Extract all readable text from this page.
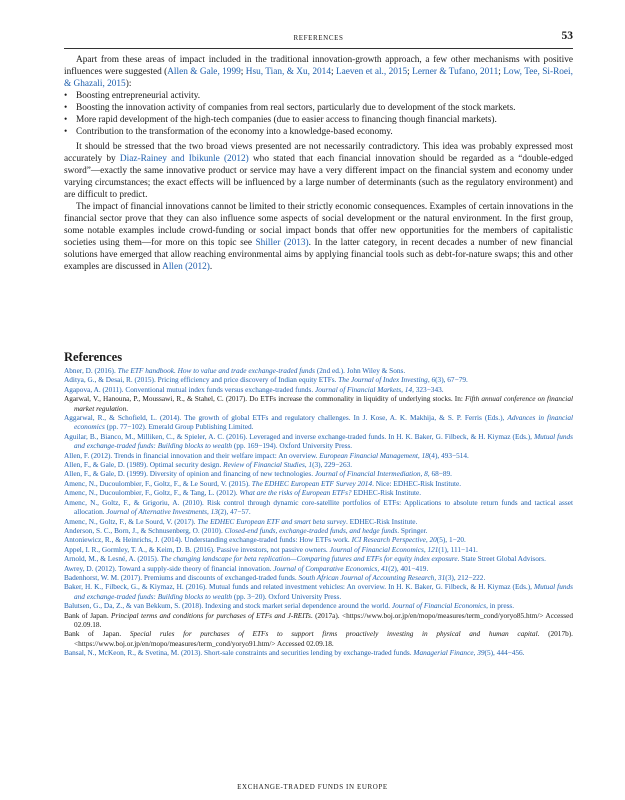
REFERENCES	53

Apart from these areas of impact included in the traditional innovation-growth approach, a few other mechanisms with positive influences were suggested (Allen & Gale, 1999; Hsu, Tian, & Xu, 2014; Laeven et al., 2015; Lerner & Tufano, 2011; Low, Tee, Si-Roei, & Ghazali, 2015):

• Boosting entrepreneurial activity.
• Boosting the innovation activity of companies from real sectors, particularly due to development of the stock markets.
• More rapid development of the high-tech companies (due to easier access to financing though financial markets).
• Contribution to the transformation of the economy into a knowledge-based economy.

It should be stressed that the two broad views presented are not necessarily contradictory. This idea was probably expressed most accurately by Diaz-Rainey and Ibikunle (2012) who stated that each financial innovation should be regarded as a “double-edged sword”—exactly the same innovative product or service may have a very different impact on the financial system and economy under varying circumstances; the exact effects will be influenced by a large number of determinants (such as the regulatory environment) and are difficult to predict.

The impact of financial innovations cannot be limited to their strictly economic consequences. Examples of certain innovations in the financial sector prove that they can also influence some aspects of social development or the natural environment. In the first group, some notable examples include crowd-funding or social impact bonds that offer new opportunities for the members of capitalistic societies using them—for more on this topic see Shiller (2013). In the latter category, in recent decades a number of new financial solutions have emerged that allow reaching environmental aims by applying financial tools such as debt-for-nature swaps; this and other examples are discussed in Allen (2012).

References
Abner, D. (2016). The ETF handbook. How to value and trade exchange-traded funds (2nd ed.). John Wiley & Sons.
Aditya, G., & Desai, R. (2015). Pricing efficiency and price discovery of Indian equity ETFs. The Journal of Index Investing, 6(3), 67−79.
Agapova, A. (2011). Conventional mutual index funds versus exchange-traded funds. Journal of Financial Markets, 14, 323−343.
Agarwal, V., Hanouna, P., Moussawi, R., & Stahel, C. (2017). Do ETFs increase the commonality in liquidity of underlying stocks. In: Fifth annual conference on financial market regulation.
Aggarwal, R., & Schofield, L. (2014). The growth of global ETFs and regulatory challenges. In J. Kose, A. K. Makhija, & S. P. Ferris (Eds.), Advances in financial economics (pp. 77−102). Emerald Group Publishing Limited.
Aguilar, B., Bianco, M., Milliken, C., & Spieler, A. C. (2016). Leveraged and inverse exchange-traded funds. In H. K. Baker, G. Filbeck, & H. Kiymaz (Eds.), Mutual funds and exchange-traded funds: Building blocks to wealth (pp. 169−194). Oxford University Press.
Allen, F. (2012). Trends in financial innovation and their welfare impact: An overview. European Financial Management, 18(4), 493−514.
Allen, F., & Gale, D. (1989). Optimal security design. Review of Financial Studies, 1(3), 229−263.
Allen, F., & Gale, D. (1999). Diversity of opinion and financing of new technologies. Journal of Financial Intermediation, 8, 68−89.
Amenc, N., Ducoulombier, F., Goltz, F., & Le Sourd, V. (2015). The EDHEC European ETF Survey 2014. Nice: EDHEC-Risk Institute.
Amenc, N., Ducoulombier, F., Goltz, F., & Tang, L. (2012). What are the risks of European ETFs? EDHEC-Risk Institute.
Amenc, N., Goltz, F., & Grigoriu, A. (2010). Risk control through dynamic core-satellite portfolios of ETFs: Applications to absolute return funds and tactical asset allocation. Journal of Alternative Investments, 13(2), 47−57.
Amenc, N., Goltz, F., & Le Sourd, V. (2017). The EDHEC European ETF and smart beta survey. EDHEC-Risk Institute.
Anderson, S. C., Born, J., & Schnusenberg, O. (2010). Closed-end funds, exchange-traded funds, and hedge funds. Springer.
Antoniewicz, R., & Heinrichs, J. (2014). Understanding exchange-traded funds: How ETFs work. ICI Research Perspective, 20(5), 1−20.
Appel, I. R., Gormley, T. A., & Keim, D. B. (2016). Passive investors, not passive owners. Journal of Financial Economics, 121(1), 111−141.
Arnold, M., & Lesné, A. (2015). The changing landscape for beta replication—Comparing futures and ETFs for equity index exposure. State Street Global Advisors.
Awrey, D. (2012). Toward a supply-side theory of financial innovation. Journal of Comparative Economics, 41(2), 401−419.
Badenhorst, W. M. (2017). Premiums and discounts of exchanged-traded funds. South African Journal of Accounting Research, 31(3), 212−222.
Baker, H. K., Filbeck, G., & Kiymaz, H. (2016). Mutual funds and related investment vehicles: An overview. In H. K. Baker, G. Filbeck, & H. Kiymaz (Eds.), Mutual funds and exchange-traded funds: Building blocks to wealth (pp. 3−20). Oxford University Press.
Balutsen, G., Da, Z., & van Bekkum, S. (2018). Indexing and stock market serial dependence around the world. Journal of Financial Economics, in press.
Bank of Japan. Principal terms and conditions for purchases of ETFs and J-REITs. (2017a). <https://www.boj.or.jp/en/mopo/measures/term_cond/yoryo85.htm/> Accessed 02.09.18.
Bank of Japan. Special rules for purchases of ETFs to support firms proactively investing in physical and human capital. (2017b). <https://www.boj.or.jp/en/mopo/measures/term_cond/yoryo91.htm/> Accessed 02.09.18.
Bansal, N., McKeon, R., & Svetina, M. (2013). Short-sale constraints and securities lending by exchange-traded funds. Managerial Finance, 39(5), 444−456.
EXCHANGE-TRADED FUNDS IN EUROPE
